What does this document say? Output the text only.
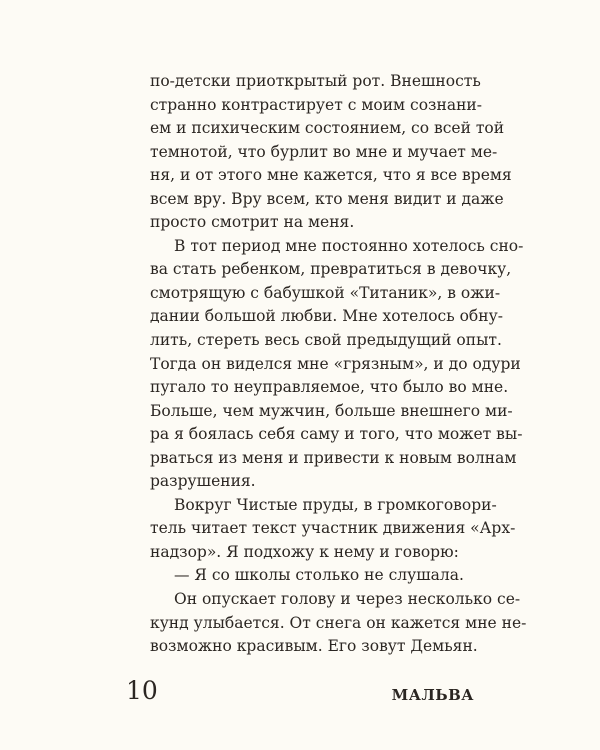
по-детски приоткрытый рот. Внешность
странно контрастирует с моим сознани-
ем и психическим состоянием, со всей той
темнотой, что бурлит во мне и мучает ме-
ня, и от этого мне кажется, что я все время
всем вру. Вру всем, кто меня видит и даже
просто смотрит на меня.
В тот период мне постоянно хотелось сно-
ва стать ребенком, превратиться в девочку,
смотрящую с бабушкой «Титаник», в ожи-
дании большой любви. Мне хотелось обну-
лить, стереть весь свой предыдущий опыт.
Тогда он виделся мне «грязным», и до одури
пугало то неуправляемое, что было во мне.
Больше, чем мужчин, больше внешнего ми-
ра я боялась себя саму и того, что может вы-
рваться из меня и привести к новым волнам
разрушения.
Вокруг Чистые пруды, в громкоговори-
тель читает текст участник движения «Арх-
надзор». Я подхожу к нему и говорю:
— Я со школы столько не слушала.
Он опускает голову и через несколько се-
кунд улыбается. От снега он кажется мне не-
возможно красивым. Его зовут Демьян.
10	МАЛЬВА
